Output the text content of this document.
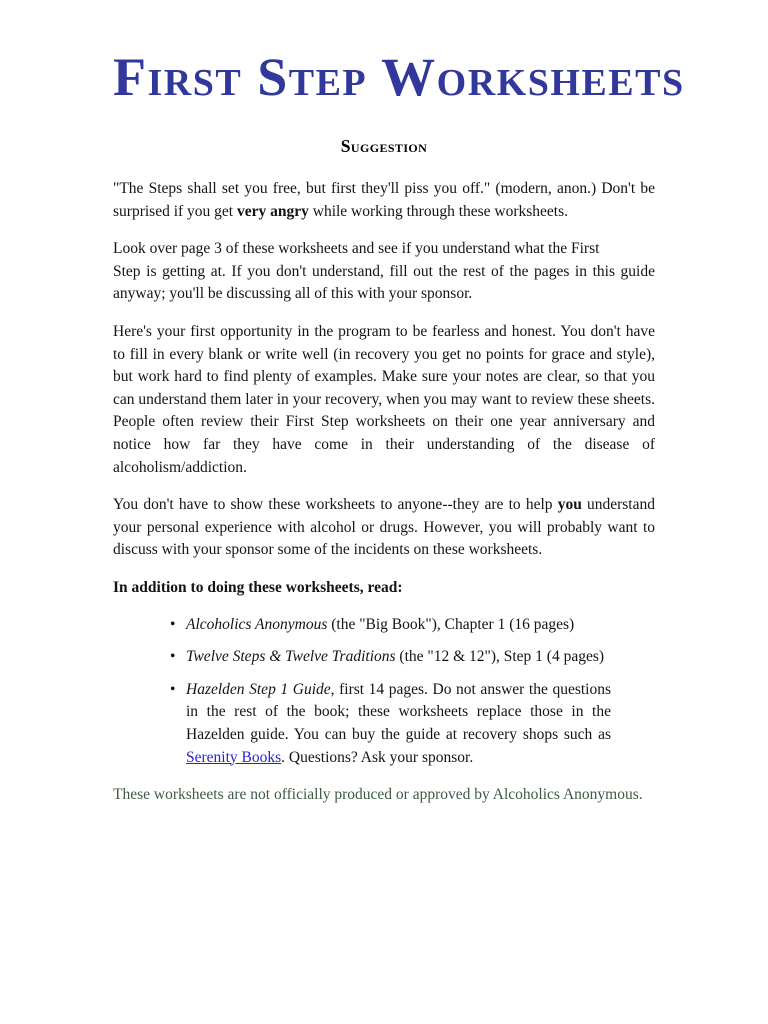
First Step Worksheets
Suggestion

"The Steps shall set you free, but first they'll piss you off." (modern, anon.) Don't be surprised if you get very angry while working through these worksheets.

Look over page 3 of these worksheets and see if you understand what the First
Step is getting at. If you don't understand, fill out the rest of the pages in this guide anyway; you'll be discussing all of this with your sponsor.

Here's your first opportunity in the program to be fearless and honest. You don't have to fill in every blank or write well (in recovery you get no points for grace and style), but work hard to find plenty of examples. Make sure your notes are clear, so that you can understand them later in your recovery, when you may want to review these sheets. People often review their First Step worksheets on their one year anniversary and notice how far they have come in their understanding of the disease of alcoholism/addiction.

You don't have to show these worksheets to anyone--they are to help you understand your personal experience with alcohol or drugs. However, you will probably want to discuss with your sponsor some of the incidents on these worksheets.

In addition to doing these worksheets, read:

• Alcoholics Anonymous (the "Big Book"), Chapter 1 (16 pages)
• Twelve Steps & Twelve Traditions (the "12 & 12"), Step 1 (4 pages)
• Hazelden Step 1 Guide, first 14 pages. Do not answer the questions in the rest of the book; these worksheets replace those in the Hazelden guide. You can buy the guide at recovery shops such as Serenity Books. Questions? Ask your sponsor.

These worksheets are not officially produced or approved by Alcoholics Anonymous.
